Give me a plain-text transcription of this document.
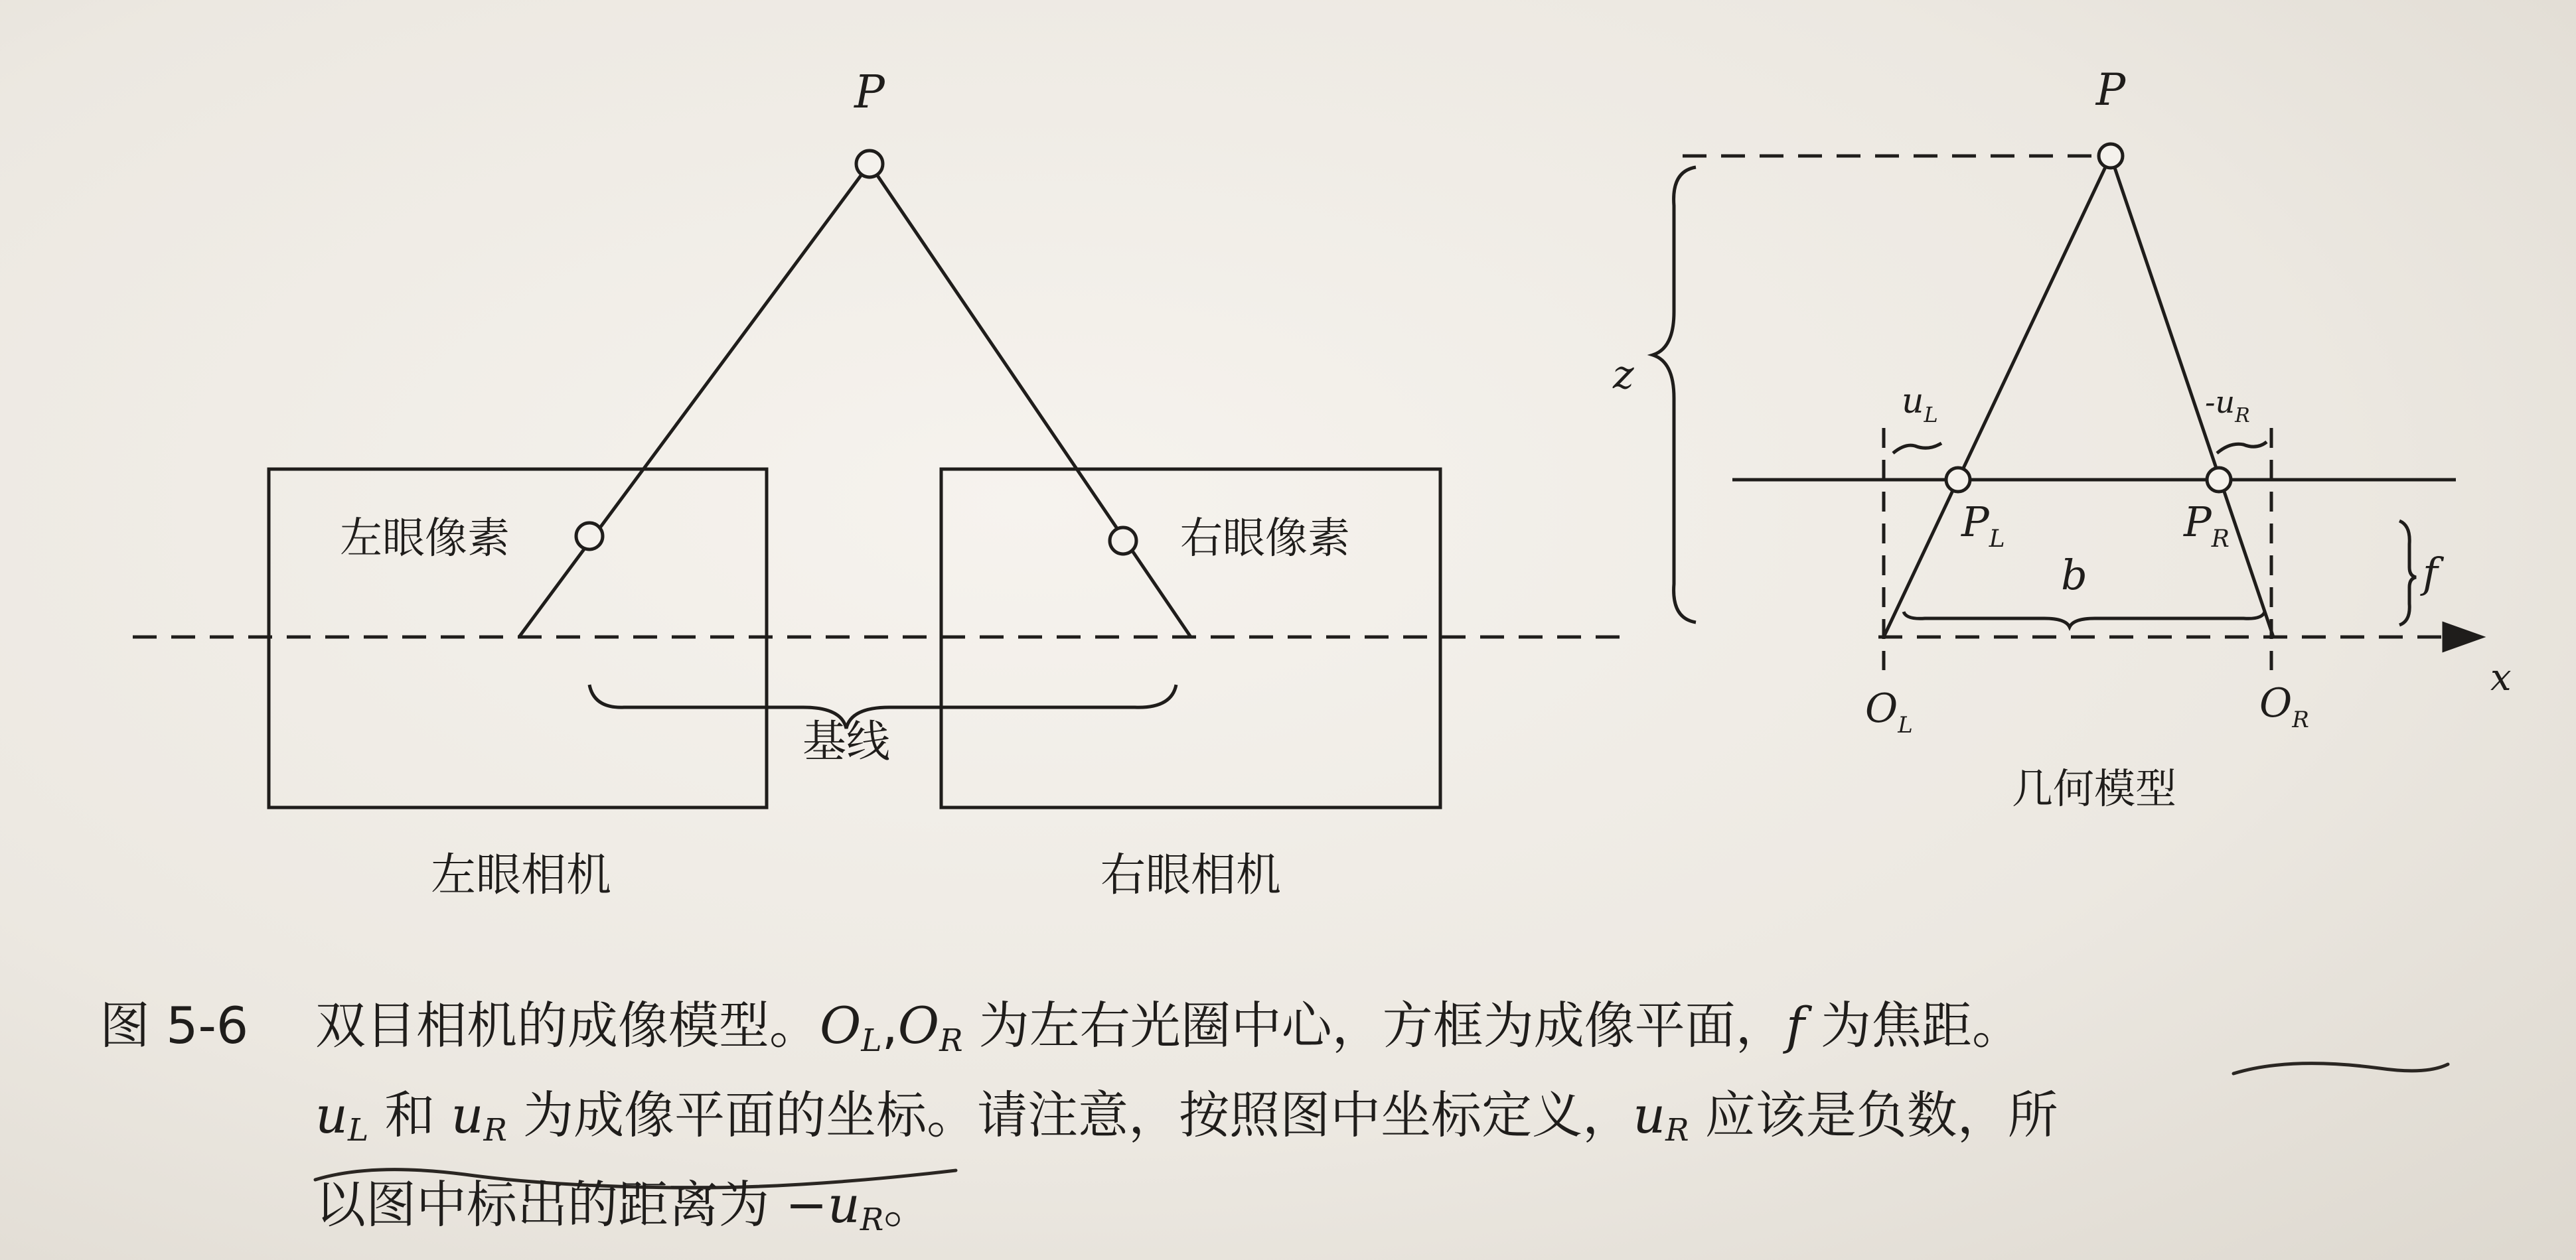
P
左眼像素	右眼像素
基线
左眼相机	右眼相机
P
z
$u_L$	$-u_R$
$P_L$	$P_R$
b	f
x
$O_L$	$O_R$
几何模型
图 5-6 双目相机的成像模型。$O_L,O_R$ 为左右光圈中心，方框为成像平面，f 为焦距。
$u_L$ 和 $u_R$ 为成像平面的坐标。请注意，按照图中坐标定义，$u_R$ 应该是负数，所
以图中标出的距离为 $-u_R$。
